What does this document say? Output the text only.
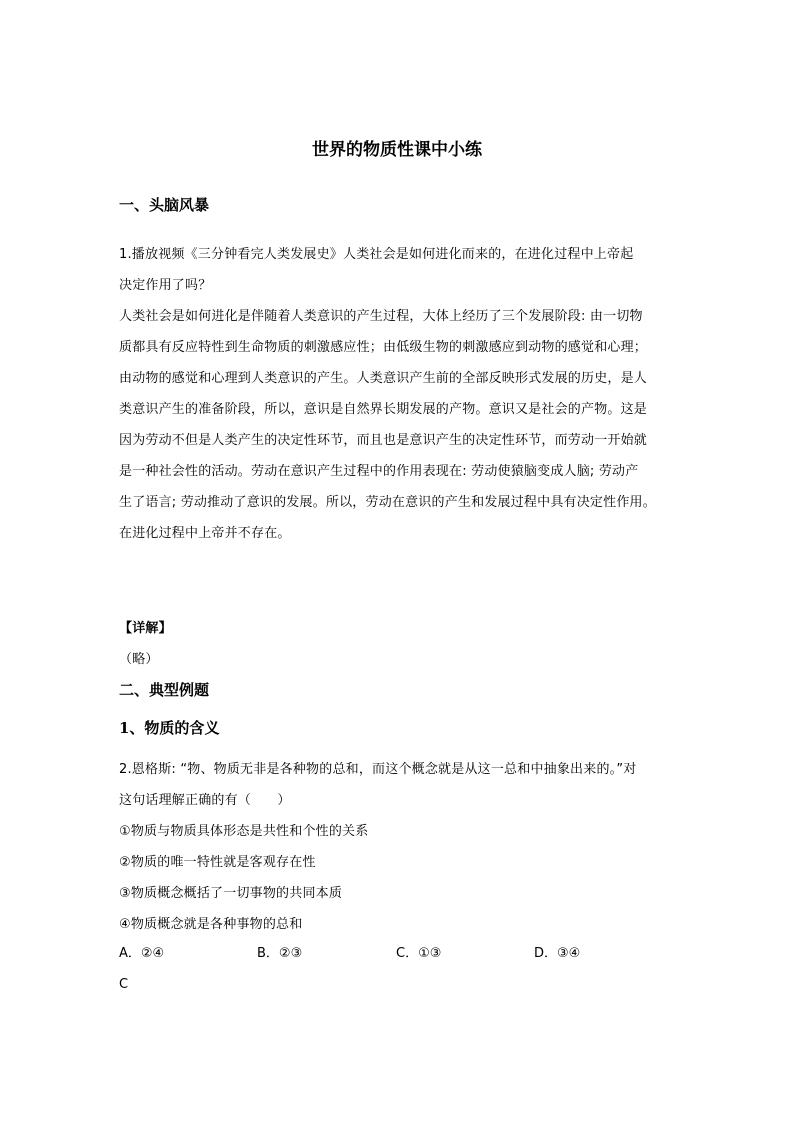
世界的物质性课中小练
一、头脑风暴
1.播放视频《三分钟看完人类发展史》人类社会是如何进化而来的，在进化过程中上帝起
决定作用了吗？
人类社会是如何进化是伴随着人类意识的产生过程，大体上经历了三个发展阶段: 由一切物
质都具有反应特性到生命物质的刺激感应性；由低级生物的刺激感应到动物的感觉和心理；
由动物的感觉和心理到人类意识的产生。人类意识产生前的全部反映形式发展的历史，是人
类意识产生的准备阶段，所以，意识是自然界长期发展的产物。意识又是社会的产物。这是
因为劳动不但是人类产生的决定性环节，而且也是意识产生的决定性环节，而劳动一开始就
是一种社会性的活动。劳动在意识产生过程中的作用表现在: 劳动使猿脑变成人脑; 劳动产
生了语言; 劳动推动了意识的发展。所以，劳动在意识的产生和发展过程中具有决定性作用。
在进化过程中上帝并不存在。
【详解】
（略）
二、典型例题
1、物质的含义
2.恩格斯: “物、物质无非是各种物的总和，而这个概念就是从这一总和中抽象出来的。”对
这句话理解正确的有（　　）
①物质与物质具体形态是共性和个性的关系
②物质的唯一特性就是客观存在性
③物质概念概括了一切事物的共同本质
④物质概念就是各种事物的总和
A．②④	B．②③	C．①③	D．③④
C
